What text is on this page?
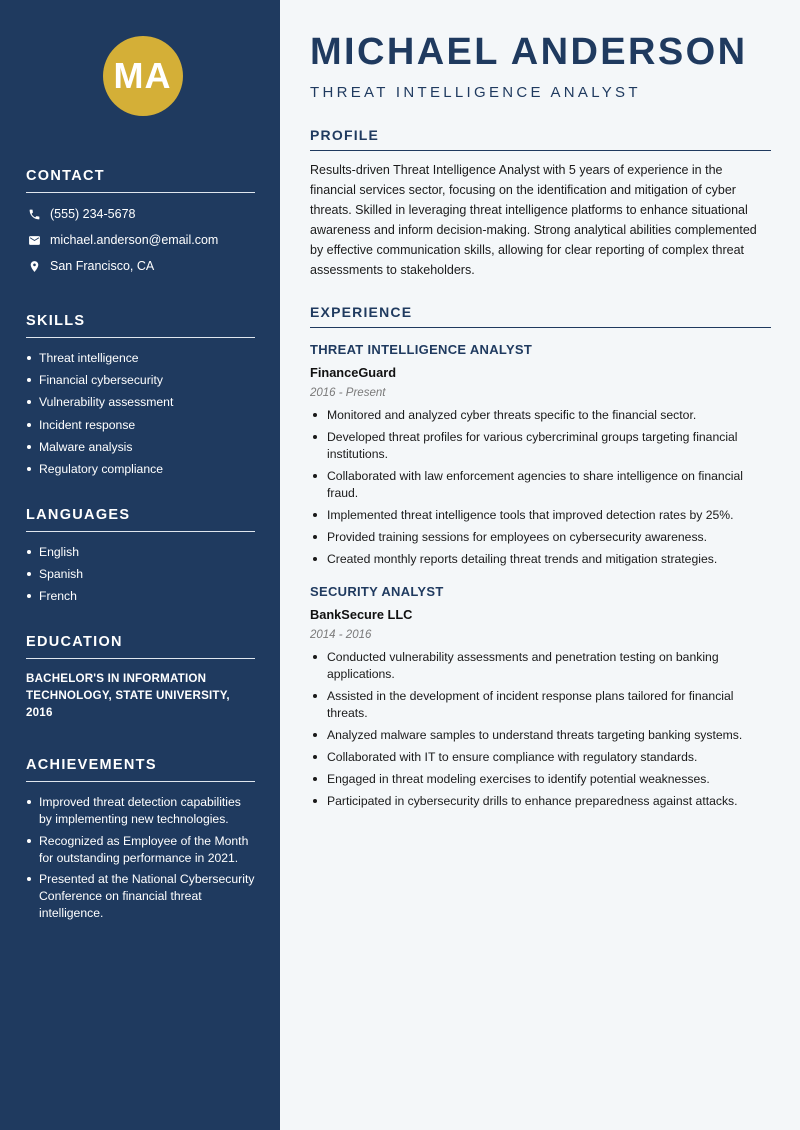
MA
CONTACT
(555) 234-5678
michael.anderson@email.com
San Francisco, CA
SKILLS
Threat intelligence
Financial cybersecurity
Vulnerability assessment
Incident response
Malware analysis
Regulatory compliance
LANGUAGES
English
Spanish
French
EDUCATION
BACHELOR'S IN INFORMATION TECHNOLOGY, STATE UNIVERSITY, 2016
ACHIEVEMENTS
Improved threat detection capabilities by implementing new technologies.
Recognized as Employee of the Month for outstanding performance in 2021.
Presented at the National Cybersecurity Conference on financial threat intelligence.
MICHAEL ANDERSON
THREAT INTELLIGENCE ANALYST
PROFILE

Results-driven Threat Intelligence Analyst with 5 years of experience in the financial services sector, focusing on the identification and mitigation of cyber threats. Skilled in leveraging threat intelligence platforms to enhance situational awareness and inform decision-making. Strong analytical abilities complemented by effective communication skills, allowing for clear reporting of complex threat assessments to stakeholders.

EXPERIENCE
THREAT INTELLIGENCE ANALYST
FinanceGuard
2016 - Present
Monitored and analyzed cyber threats specific to the financial sector.
Developed threat profiles for various cybercriminal groups targeting financial institutions.
Collaborated with law enforcement agencies to share intelligence on financial fraud.
Implemented threat intelligence tools that improved detection rates by 25%.
Provided training sessions for employees on cybersecurity awareness.
Created monthly reports detailing threat trends and mitigation strategies.
SECURITY ANALYST
BankSecure LLC
2014 - 2016
Conducted vulnerability assessments and penetration testing on banking applications.
Assisted in the development of incident response plans tailored for financial threats.
Analyzed malware samples to understand threats targeting banking systems.
Collaborated with IT to ensure compliance with regulatory standards.
Engaged in threat modeling exercises to identify potential weaknesses.
Participated in cybersecurity drills to enhance preparedness against attacks.
